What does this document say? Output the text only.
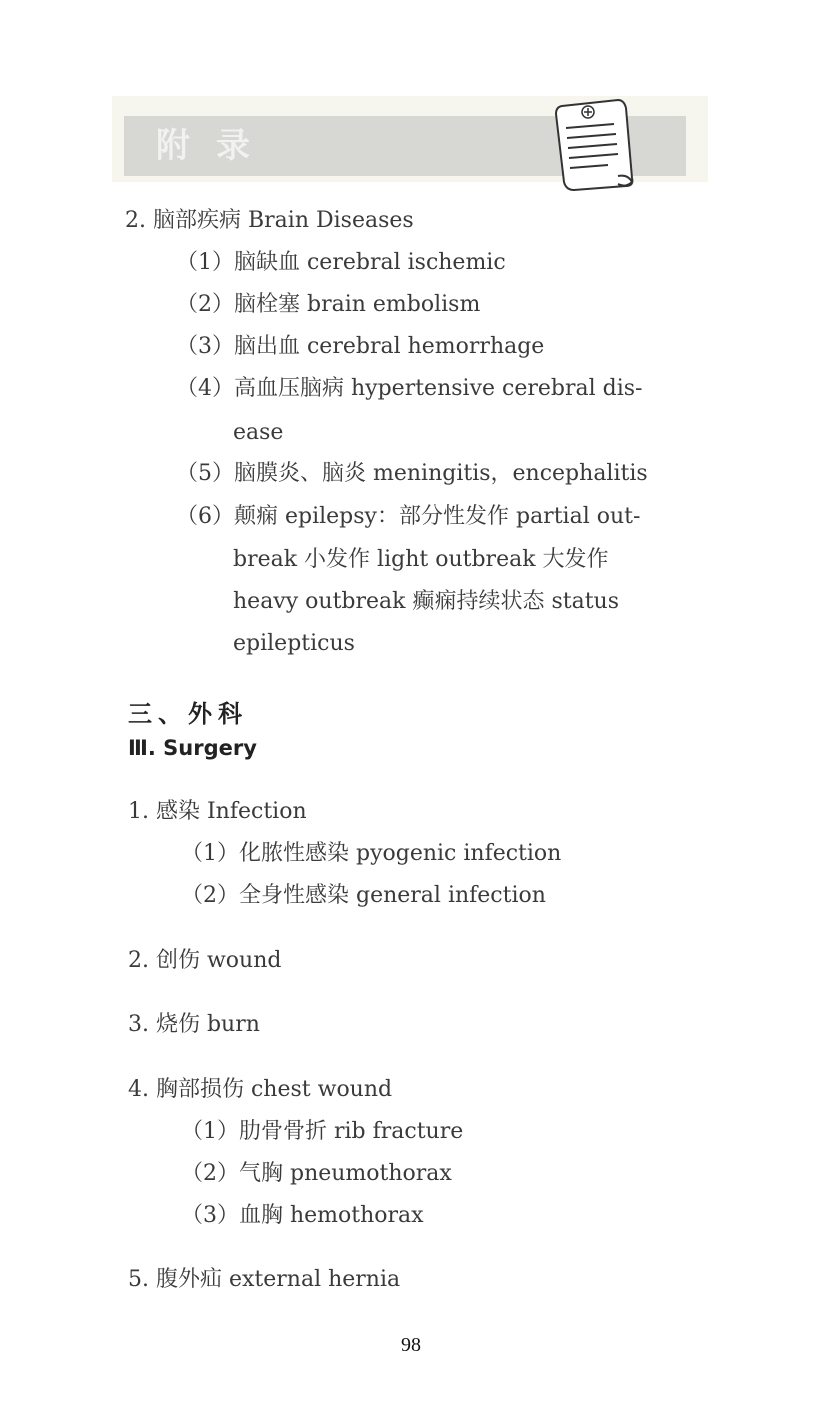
附录
2. 脑部疾病 Brain Diseases
（1）脑缺血 cerebral ischemic
（2）脑栓塞 brain embolism
（3）脑出血 cerebral hemorrhage
（4）高血压脑病 hypertensive cerebral dis-
ease
（5）脑膜炎、脑炎 meningitis，encephalitis
（6）颠痫 epilepsy：部分性发作 partial out-
break 小发作 light outbreak 大发作
heavy outbreak 癫痫持续状态 status
epilepticus
三、外科
Ⅲ. Surgery
1. 感染 Infection
（1）化脓性感染 pyogenic infection
（2）全身性感染 general infection
2. 创伤 wound
3. 烧伤 burn
4. 胸部损伤 chest wound
（1）肋骨骨折 rib fracture
（2）气胸 pneumothorax
（3）血胸 hemothorax
5. 腹外疝 external hernia
98
